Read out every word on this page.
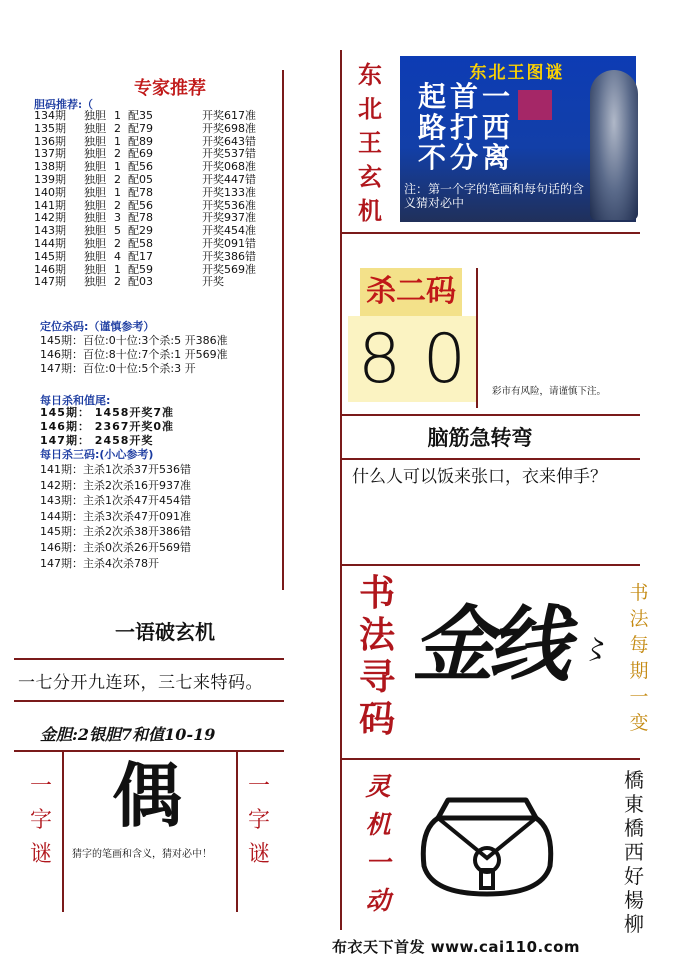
专家推荐
胆码推荐:（
134期	独胆 1 配35	开奖617准
135期	独胆 2 配79	开奖698准
136期	独胆 1 配89	开奖643错
137期	独胆 2 配69	开奖537错
138期	独胆 1 配56	开奖068准
139期	独胆 2 配05	开奖447错
140期	独胆 1 配78	开奖133准
141期	独胆 2 配56	开奖536准
142期	独胆 3 配78	开奖937准
143期	独胆 5 配29	开奖454准
144期	独胆 2 配58	开奖091错
145期	独胆 4 配17	开奖386错
146期	独胆 1 配59	开奖569准
147期	独胆 2 配03	开奖
定位杀码:（谨慎参考）
145期：百位:0十位:3个杀:5 开386准
146期：百位:8十位:7个杀:1 开569准
147期：百位:0十位:5个杀:3 开
每日杀和值尾:
145期： 1458开奖7准
146期： 2367开奖0准
147期： 2458开奖
每日杀三码:(小心参考)
141期：主杀1次杀37开536错
142期：主杀2次杀16开937准
143期：主杀1次杀47开454错
144期：主杀3次杀47开091准
145期：主杀2次杀38开386错
146期：主杀0次杀26开569错
147期：主杀4次杀78开
一语破玄机
一七分开九连环，三七来特码。
金胆:2银胆7和值10-19
一
字
谜
一
字
谜
偶
猜字的笔画和含义，猜对必中！
东
北
王
玄
机
东北王图谜
起首一
路打西
不分离
注：第一个字的笔画和每句话的含义猜对必中
杀二码
8 0	彩市有风险，请谨慎下注。
脑筋急转弯
什么人可以饭来张口，衣来伸手？
书
法
寻
码
金线 〻
书
法
每
期
一
变
灵
机
一
动
橋
東
橋
西
好
楊
柳
布衣天下首发 www.cai110.com
